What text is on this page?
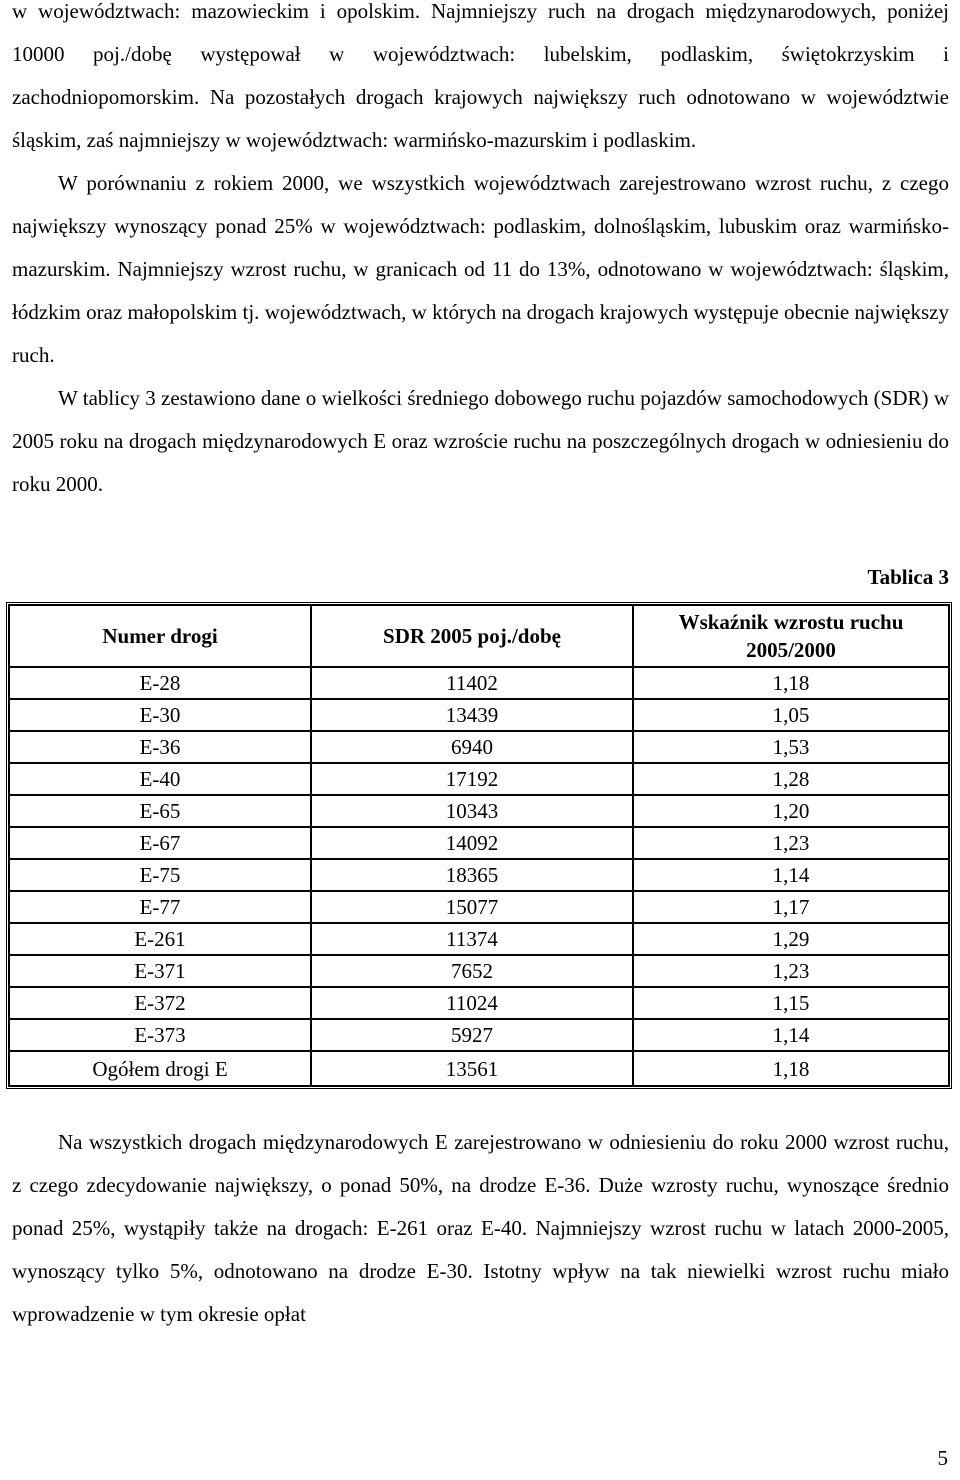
w województwach: mazowieckim i opolskim. Najmniejszy ruch na drogach międzynarodowych, poniżej 10000 poj./dobę występował w województwach: lubelskim, podlaskim, świętokrzyskim i zachodniopomorskim. Na pozostałych drogach krajowych największy ruch odnotowano w województwie śląskim, zaś najmniejszy w województwach: warmińsko-mazurskim i podlaskim.

W porównaniu z rokiem 2000, we wszystkich województwach zarejestrowano wzrost ruchu, z czego największy wynoszący ponad 25% w województwach: podlaskim, dolnośląskim, lubuskim oraz warmińsko-mazurskim. Najmniejszy wzrost ruchu, w granicach od 11 do 13%, odnotowano w województwach: śląskim, łódzkim oraz małopolskim tj. województwach, w których na drogach krajowych występuje obecnie największy ruch.

W tablicy 3 zestawiono dane o wielkości średniego dobowego ruchu pojazdów samochodowych (SDR) w 2005 roku na drogach międzynarodowych E oraz wzroście ruchu na poszczególnych drogach w odniesieniu do roku 2000.

Tablica 3
Numer drogi	SDR 2005 poj./dobę	Wskaźnik wzrostu ruchu 2005/2000
E-28	11402	1,18
E-30	13439	1,05
E-36	6940	1,53
E-40	17192	1,28
E-65	10343	1,20
E-67	14092	1,23
E-75	18365	1,14
E-77	15077	1,17
E-261	11374	1,29
E-371	7652	1,23
E-372	11024	1,15
E-373	5927	1,14
Ogółem drogi E	13561	1,18

Na wszystkich drogach międzynarodowych E zarejestrowano w odniesieniu do roku 2000 wzrost ruchu, z czego zdecydowanie największy, o ponad 50%, na drodze E-36. Duże wzrosty ruchu, wynoszące średnio ponad 25%, wystąpiły także na drogach: E-261 oraz E-40. Najmniejszy wzrost ruchu w latach 2000-2005, wynoszący tylko 5%, odnotowano na drodze E-30. Istotny wpływ na tak niewielki wzrost ruchu miało wprowadzenie w tym okresie opłat

5
